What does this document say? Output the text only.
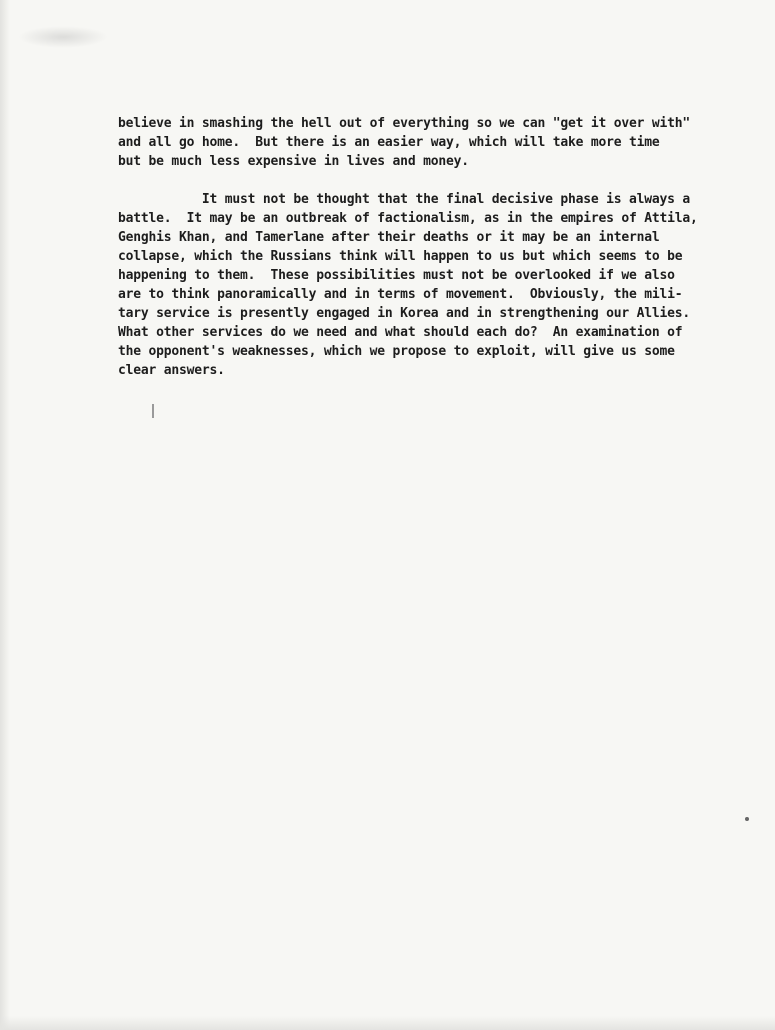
believe in smashing the hell out of everything so we can "get it over with"
and all go home.  But there is an easier way, which will take more time
but be much less expensive in lives and money.
It must not be thought that the final decisive phase is always a
battle.  It may be an outbreak of factionalism, as in the empires of Attila,
Genghis Khan, and Tamerlane after their deaths or it may be an internal
collapse, which the Russians think will happen to us but which seems to be
happening to them.  These possibilities must not be overlooked if we also
are to think panoramically and in terms of movement.  Obviously, the mili-
tary service is presently engaged in Korea and in strengthening our Allies.
What other services do we need and what should each do?  An examination of
the opponent's weaknesses, which we propose to exploit, will give us some
clear answers.
